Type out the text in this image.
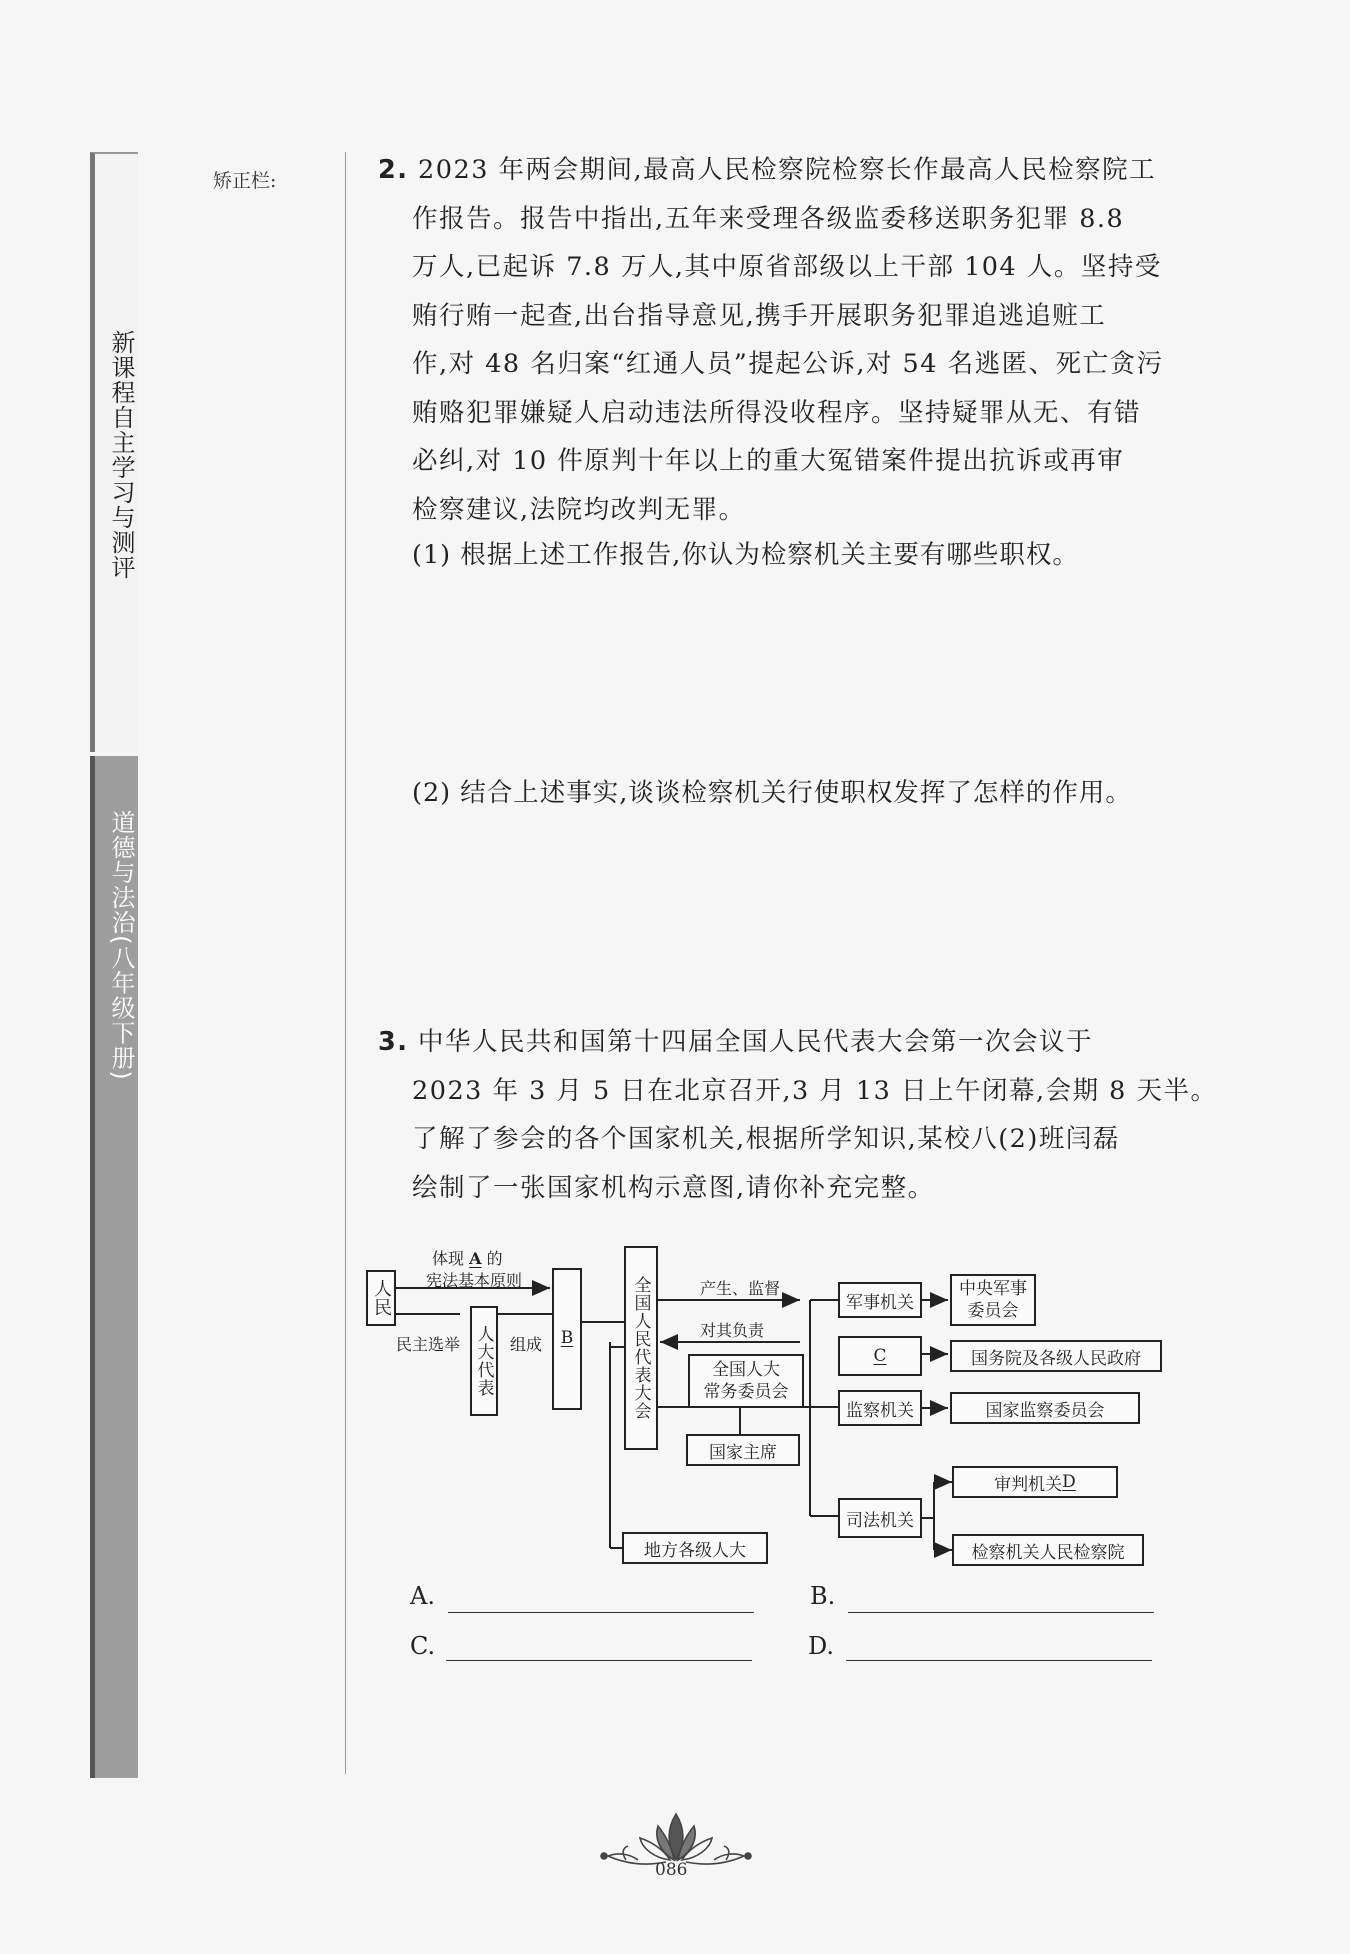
新课程自主学习与测评
道德与法治(八年级下册)
矫正栏:	2. 2023 年两会期间,最高人民检察院检察长作最高人民检察院工
作报告。报告中指出,五年来受理各级监委移送职务犯罪 8.8
万人,已起诉 7.8 万人,其中原省部级以上干部 104 人。坚持受
贿行贿一起查,出台指导意见,携手开展职务犯罪追逃追赃工
作,对 48 名归案“红通人员”提起公诉,对 54 名逃匿、死亡贪污
贿赂犯罪嫌疑人启动违法所得没收程序。坚持疑罪从无、有错
必纠,对 10 件原判十年以上的重大冤错案件提出抗诉或再审
检察建议,法院均改判无罪。
(1) 根据上述工作报告,你认为检察机关主要有哪些职权。
(2) 结合上述事实,谈谈检察机关行使职权发挥了怎样的作用。
3. 中华人民共和国第十四届全国人民代表大会第一次会议于
2023 年 3 月 5 日在北京召开,3 月 13 日上午闭幕,会期 8 天半。
了解了参会的各个国家机关,根据所学知识,某校八(2)班闫磊
绘制了一张国家机构示意图,请你补充完整。
人民
体现 A 的
宪法基本原则
民主选举 人大代表 组成 B	全国人民代表大会	产生、监督
对其负责
全国人大
常务委员会
国家主席
地方各级人大
军事机关
中央军事
委员会
C	国务院及各级人民政府
监察机关	国家监察委员会
司法机关
审判机关 D
检察机关人民检察院
A.	B.
C.	D.
086
